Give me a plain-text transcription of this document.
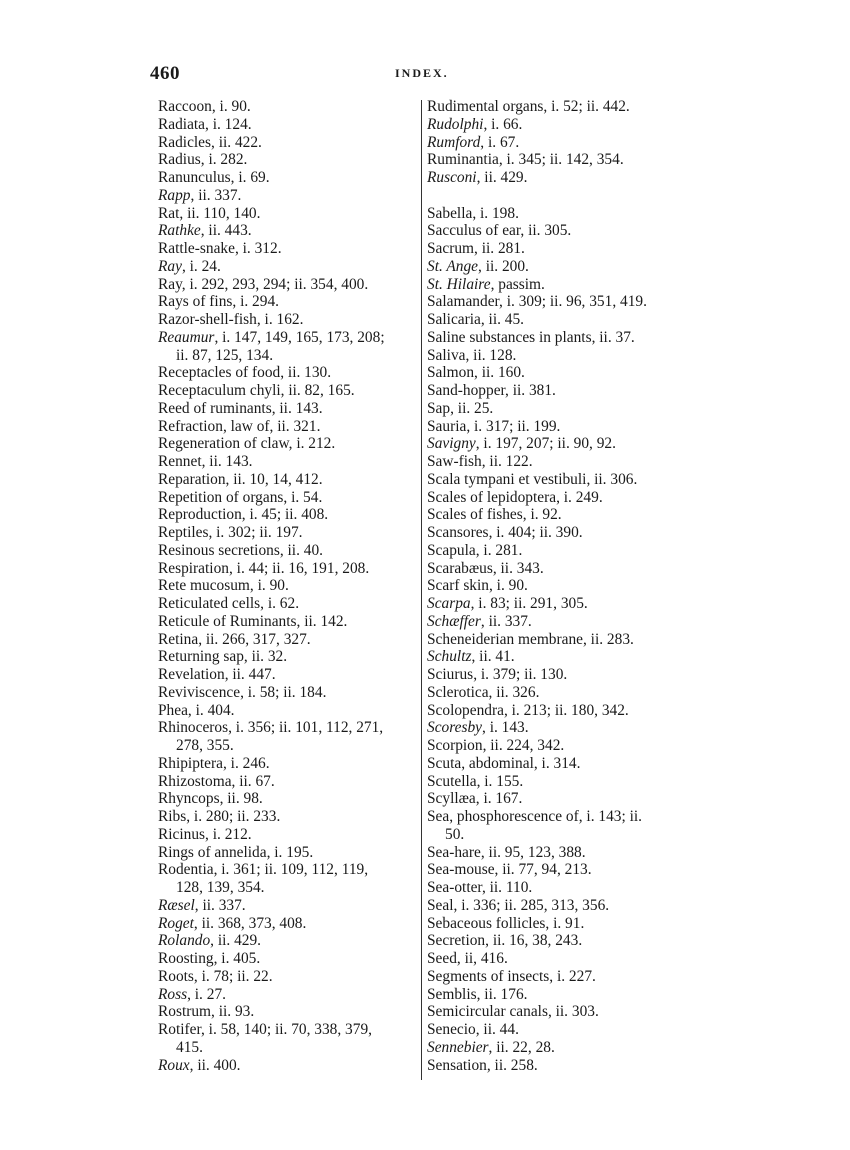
460	INDEX.
Raccoon, i. 90.
Radiata, i. 124.
Radicles, ii. 422.
Radius, i. 282.
Ranunculus, i. 69.
Rapp, ii. 337.
Rat, ii. 110, 140.
Rathke, ii. 443.
Rattle-snake, i. 312.
Ray, i. 24.
Ray, i. 292, 293, 294; ii. 354, 400.
Rays of fins, i. 294.
Razor-shell-fish, i. 162.
Reaumur, i. 147, 149, 165, 173, 208;
ii. 87, 125, 134.
Receptacles of food, ii. 130.
Receptaculum chyli, ii. 82, 165.
Reed of ruminants, ii. 143.
Refraction, law of, ii. 321.
Regeneration of claw, i. 212.
Rennet, ii. 143.
Reparation, ii. 10, 14, 412.
Repetition of organs, i. 54.
Reproduction, i. 45; ii. 408.
Reptiles, i. 302; ii. 197.
Resinous secretions, ii. 40.
Respiration, i. 44; ii. 16, 191, 208.
Rete mucosum, i. 90.
Reticulated cells, i. 62.
Reticule of Ruminants, ii. 142.
Retina, ii. 266, 317, 327.
Returning sap, ii. 32.
Revelation, ii. 447.
Reviviscence, i. 58; ii. 184.
Phea, i. 404.
Rhinoceros, i. 356; ii. 101, 112, 271,
278, 355.
Rhipiptera, i. 246.
Rhizostoma, ii. 67.
Rhyncops, ii. 98.
Ribs, i. 280; ii. 233.
Ricinus, i. 212.
Rings of annelida, i. 195.
Rodentia, i. 361; ii. 109, 112, 119,
128, 139, 354.
Ræsel, ii. 337.
Roget, ii. 368, 373, 408.
Rolando, ii. 429.
Roosting, i. 405.
Roots, i. 78; ii. 22.
Ross, i. 27.
Rostrum, ii. 93.
Rotifer, i. 58, 140; ii. 70, 338, 379,
415.
Roux, ii. 400.
Rudimental organs, i. 52; ii. 442.
Rudolphi, i. 66.
Rumford, i. 67.
Ruminantia, i. 345; ii. 142, 354.
Rusconi, ii. 429.
Sabella, i. 198.
Sacculus of ear, ii. 305.
Sacrum, ii. 281.
St. Ange, ii. 200.
St. Hilaire, passim.
Salamander, i. 309; ii. 96, 351, 419.
Salicaria, ii. 45.
Saline substances in plants, ii. 37.
Saliva, ii. 128.
Salmon, ii. 160.
Sand-hopper, ii. 381.
Sap, ii. 25.
Sauria, i. 317; ii. 199.
Savigny, i. 197, 207; ii. 90, 92.
Saw-fish, ii. 122.
Scala tympani et vestibuli, ii. 306.
Scales of lepidoptera, i. 249.
Scales of fishes, i. 92.
Scansores, i. 404; ii. 390.
Scapula, i. 281.
Scarabæus, ii. 343.
Scarf skin, i. 90.
Scarpa, i. 83; ii. 291, 305.
Schæffer, ii. 337.
Scheneiderian membrane, ii. 283.
Schultz, ii. 41.
Sciurus, i. 379; ii. 130.
Sclerotica, ii. 326.
Scolopendra, i. 213; ii. 180, 342.
Scoresby, i. 143.
Scorpion, ii. 224, 342.
Scuta, abdominal, i. 314.
Scutella, i. 155.
Scyllæa, i. 167.
Sea, phosphorescence of, i. 143; ii.
50.
Sea-hare, ii. 95, 123, 388.
Sea-mouse, ii. 77, 94, 213.
Sea-otter, ii. 110.
Seal, i. 336; ii. 285, 313, 356.
Sebaceous follicles, i. 91.
Secretion, ii. 16, 38, 243.
Seed, ii, 416.
Segments of insects, i. 227.
Semblis, ii. 176.
Semicircular canals, ii. 303.
Senecio, ii. 44.
Sennebier, ii. 22, 28.
Sensation, ii. 258.
